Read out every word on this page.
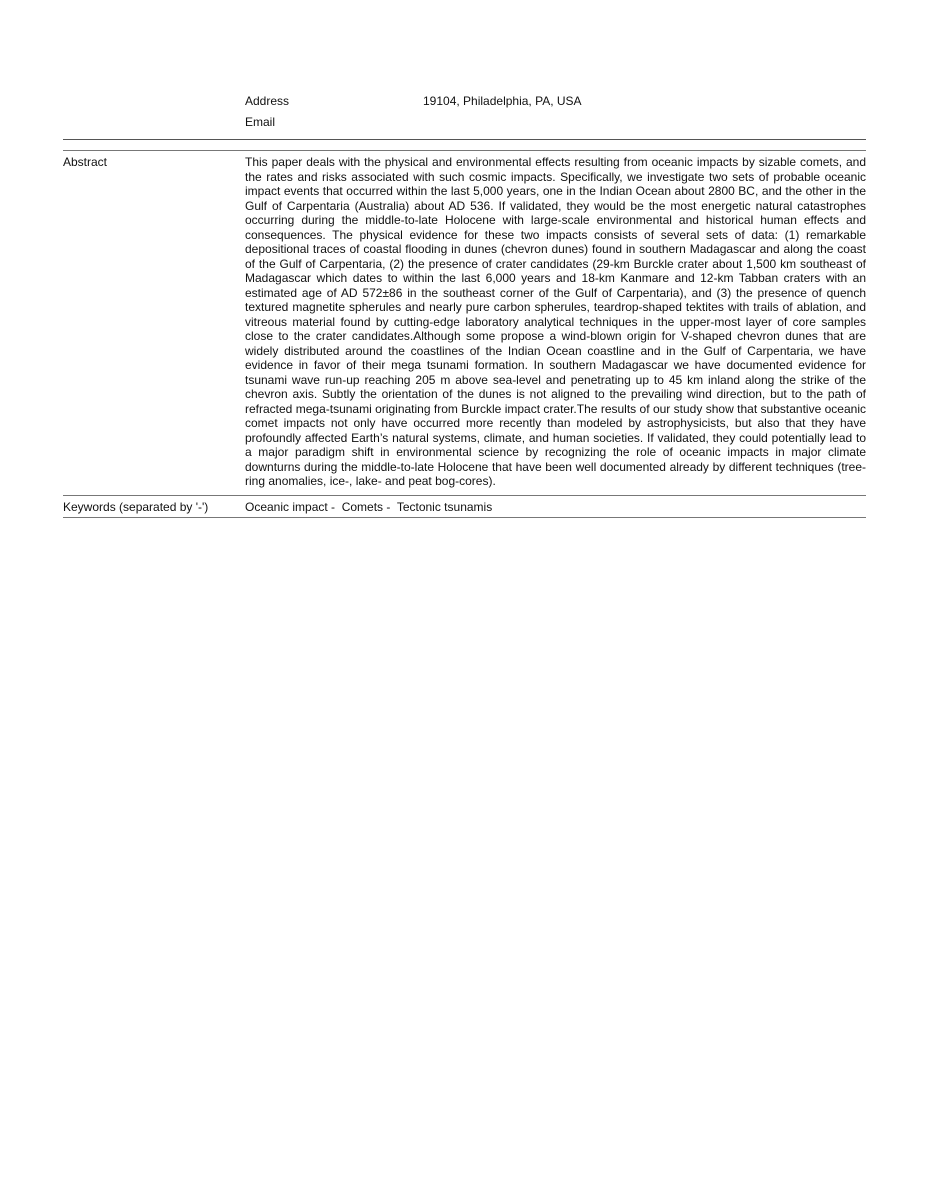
Address	19104, Philadelphia, PA, USA
Email
Abstract	This paper deals with the physical and environmental effects resulting from oceanic impacts by sizable comets, and the rates and risks associated with such cosmic impacts. Specifically, we investigate two sets of probable oceanic impact events that occurred within the last 5,000 years, one in the Indian Ocean about 2800 BC, and the other in the Gulf of Carpentaria (Australia) about AD 536. If validated, they would be the most energetic natural catastrophes occurring during the middle-to-late Holocene with large-scale environmental and historical human effects and consequences. The physical evidence for these two impacts consists of several sets of data: (1) remarkable depositional traces of coastal flooding in dunes (chevron dunes) found in southern Madagascar and along the coast of the Gulf of Carpentaria, (2) the presence of crater candidates (29-km Burckle crater about 1,500 km southeast of Madagascar which dates to within the last 6,000 years and 18-km Kanmare and 12-km Tabban craters with an estimated age of AD 572±86 in the southeast corner of the Gulf of Carpentaria), and (3) the presence of quench textured magnetite spherules and nearly pure carbon spherules, teardrop-shaped tektites with trails of ablation, and vitreous material found by cutting-edge laboratory analytical techniques in the upper-most layer of core samples close to the crater candidates.Although some propose a wind-blown origin for V-shaped chevron dunes that are widely distributed around the coastlines of the Indian Ocean coastline and in the Gulf of Carpentaria, we have evidence in favor of their mega tsunami formation. In southern Madagascar we have documented evidence for tsunami wave run-up reaching 205 m above sea-level and penetrating up to 45 km inland along the strike of the chevron axis. Subtly the orientation of the dunes is not aligned to the prevailing wind direction, but to the path of refracted mega-tsunami originating from Burckle impact crater.The results of our study show that substantive oceanic comet impacts not only have occurred more recently than modeled by astrophysicists, but also that they have profoundly affected Earth’s natural systems, climate, and human societies. If validated, they could potentially lead to a major paradigm shift in environmental science by recognizing the role of oceanic impacts in major climate downturns during the middle-to-late Holocene that have been well documented already by different techniques (tree-ring anomalies, ice-, lake- and peat bog-cores).

Keywords (separated by '-')	Oceanic impact -  Comets -  Tectonic tsunamis
